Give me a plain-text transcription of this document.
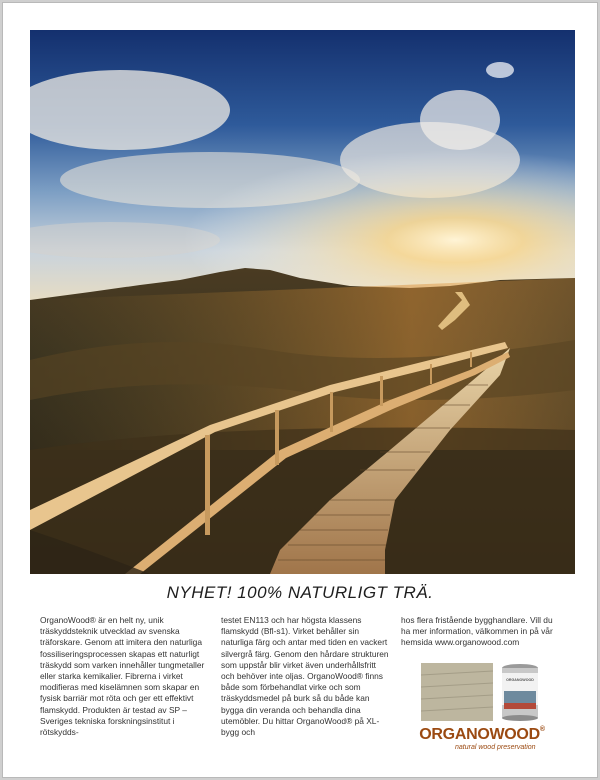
NYHET! 100% NATURLIGT TRÄ.

OrganoWood® är en helt ny, unik träskyddsteknik utvecklad av svenska träforskare. Genom att imitera den naturliga fossiliseringsprocessen skapas ett naturligt träskydd som varken innehåller tungmetaller eller starka kemikalier. Fibrerna i virket modifieras med kiselämnen som skapar en fysisk barriär mot röta och ger ett effektivt flamskydd. Produkten är testad av SP – Sveriges tekniska forskningsinstitut i rötskydds-

testet EN113 och har högsta klassens flamskydd (Bfl-s1). Virket behåller sin naturliga färg och antar med tiden en vackert silvergrå färg. Genom den hårdare strukturen som uppstår blir virket även underhållsfritt och behöver inte oljas. OrganoWood® finns både som förbehandlat virke och som träskyddsmedel på burk så du både kan bygga din veranda och behandla dina utemöbler. Du hittar OrganoWood® på XL-bygg och

hos flera fristående bygghandlare. Vill du ha mer information, välkommen in på vår hemsida www.organowood.com

ORGANOWOOD
ORGANOWOOD®
natural wood preservation
